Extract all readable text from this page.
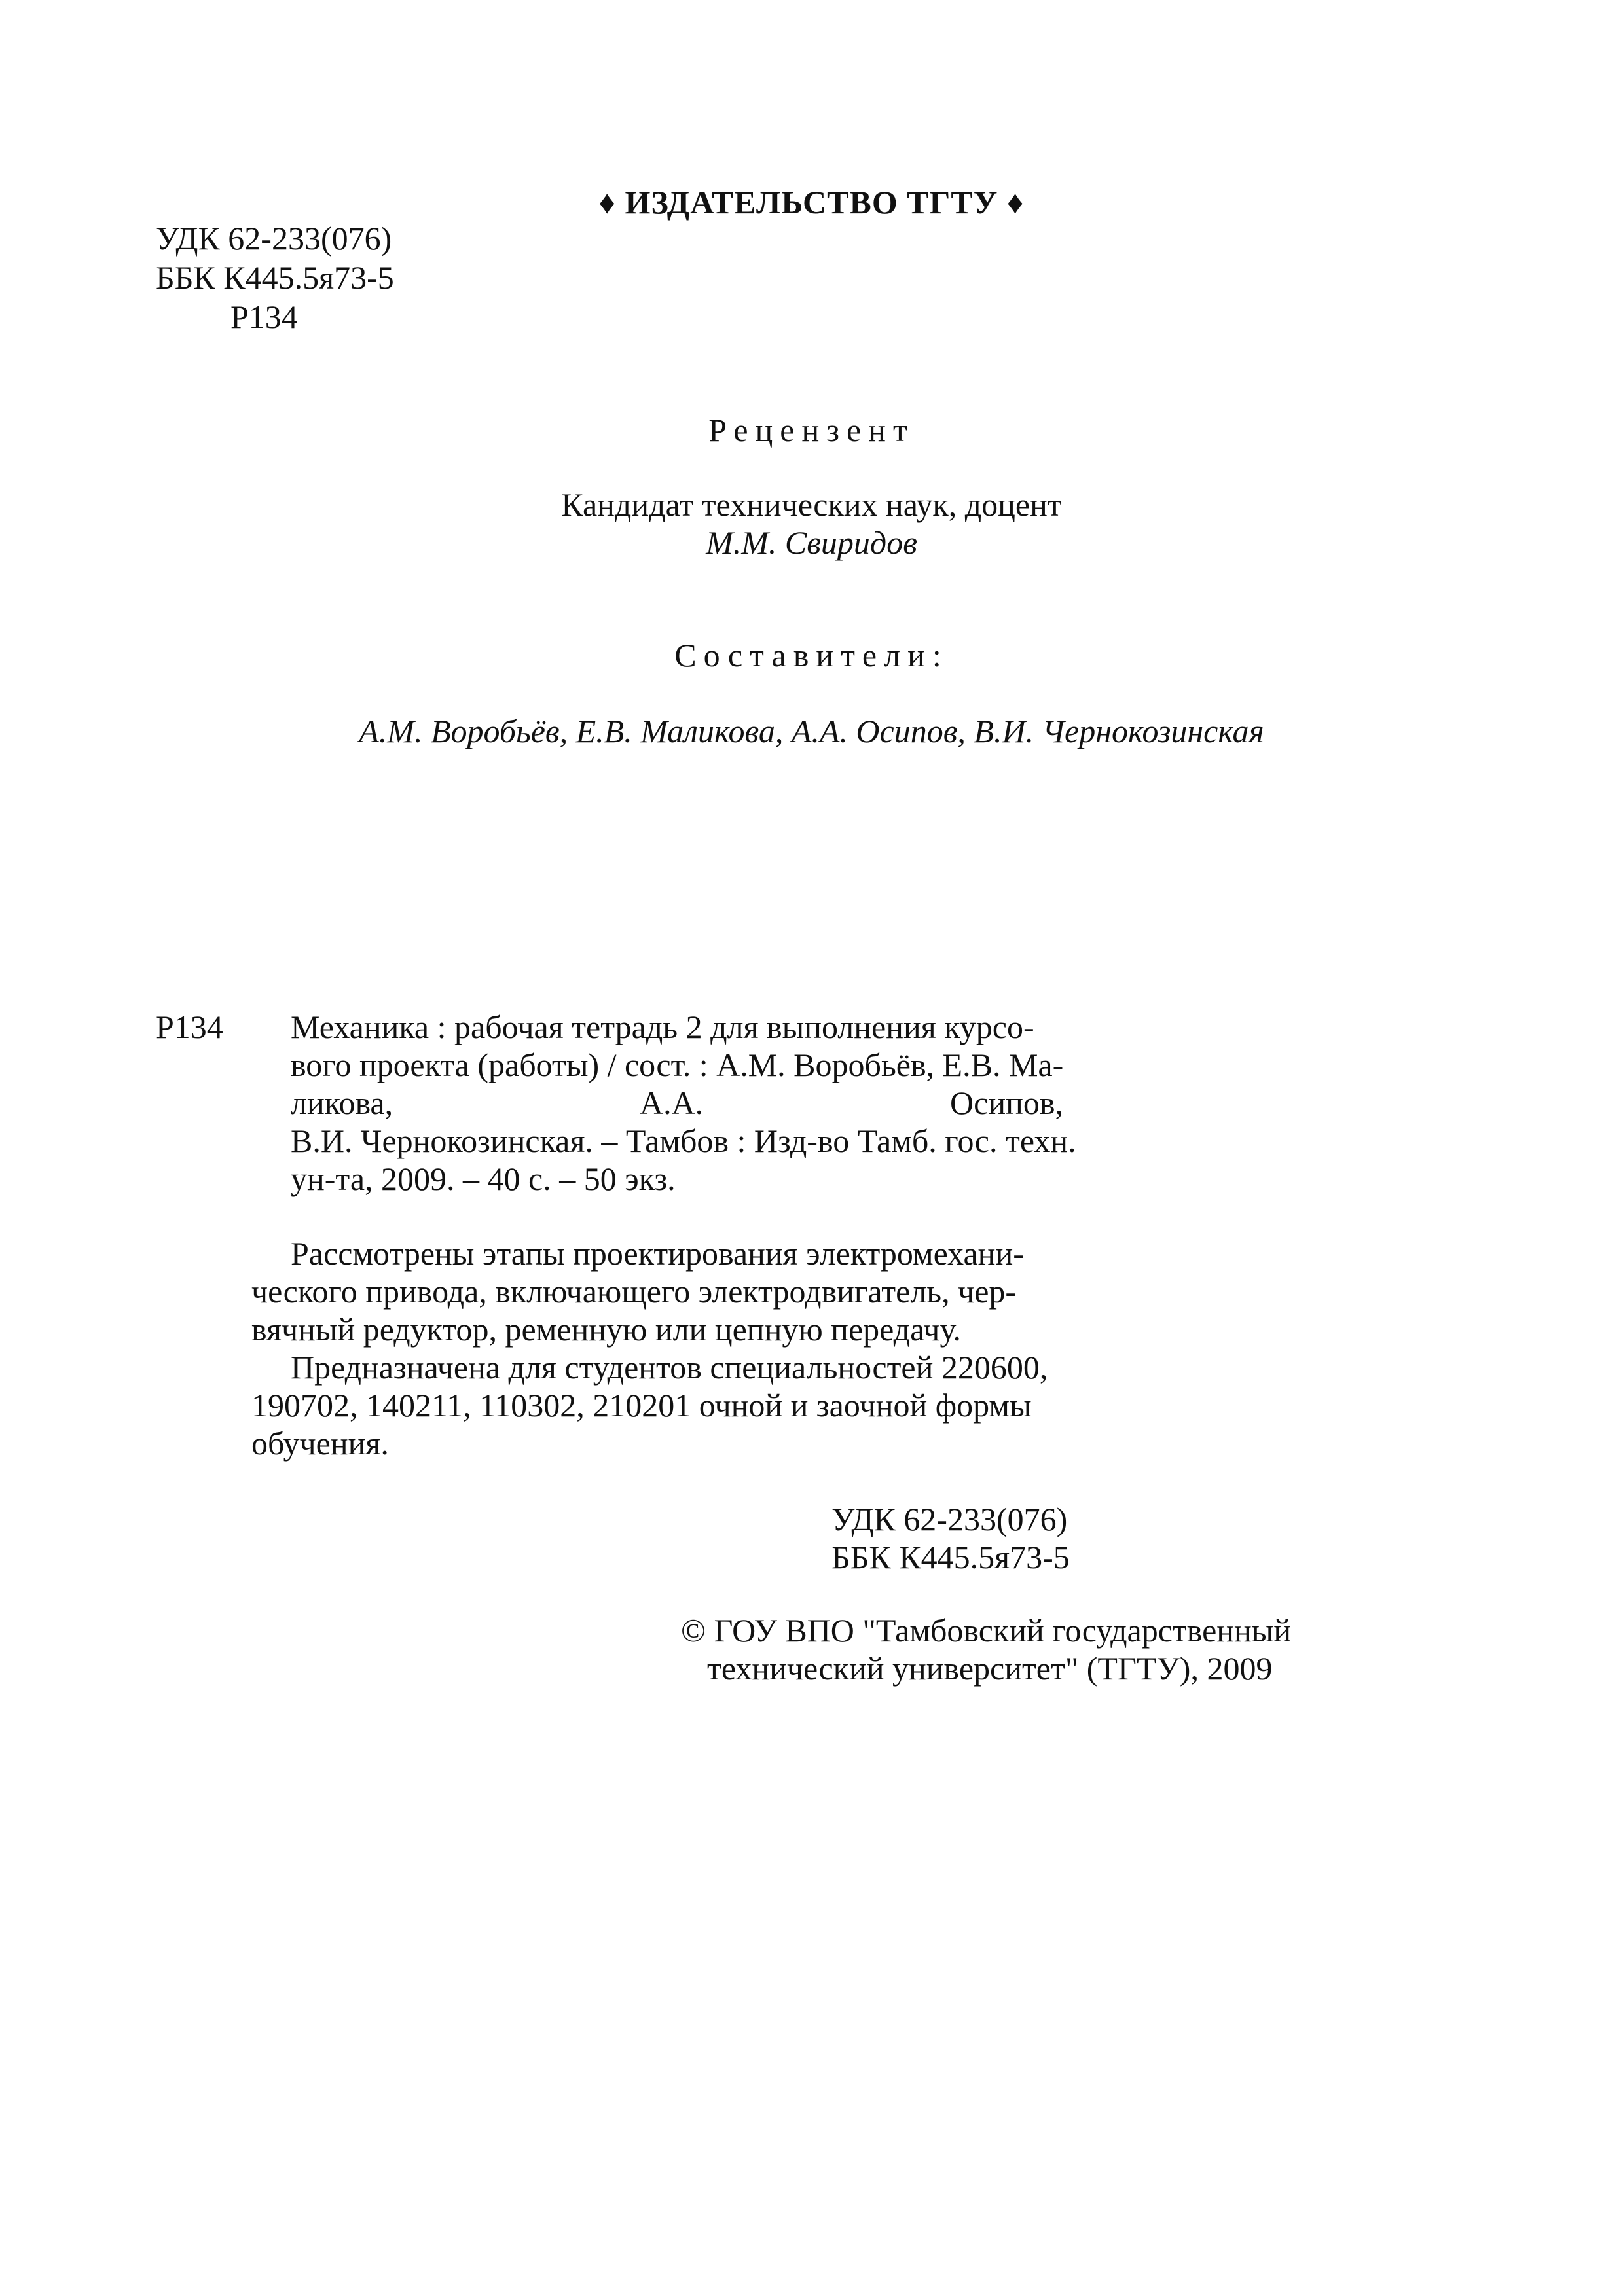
♦ ИЗДАТЕЛЬСТВО ТГТУ ♦
УДК 62-233(076)
ББК К445.5я73-5
Р134
Рецензент
Кандидат технических наук, доцент
М.М. Свиридов
Составители:
А.М. Воробьёв, Е.В. Маликова, А.А. Осипов, В.И. Чернокозинская
Р134 Механика : рабочая тетрадь 2 для выполнения курсо-
вого проекта (работы) / сост. : А.М. Воробьёв, Е.В. Ма-
ликова,	А.А.	Осипов,
В.И. Чернокозинская. – Тамбов : Изд-во Тамб. гос. техн.
ун-та, 2009. – 40 с. – 50 экз.
Рассмотрены этапы проектирования электромехани-
ческого привода, включающего электродвигатель, чер-
вячный редуктор, ременную или цепную передачу.
Предназначена для студентов специальностей 220600,
190702, 140211, 110302, 210201 очной и заочной формы
обучения.
УДК 62-233(076)
ББК К445.5я73-5
© ГОУ ВПО "Тамбовский государственный
технический университет" (ТГТУ), 2009
